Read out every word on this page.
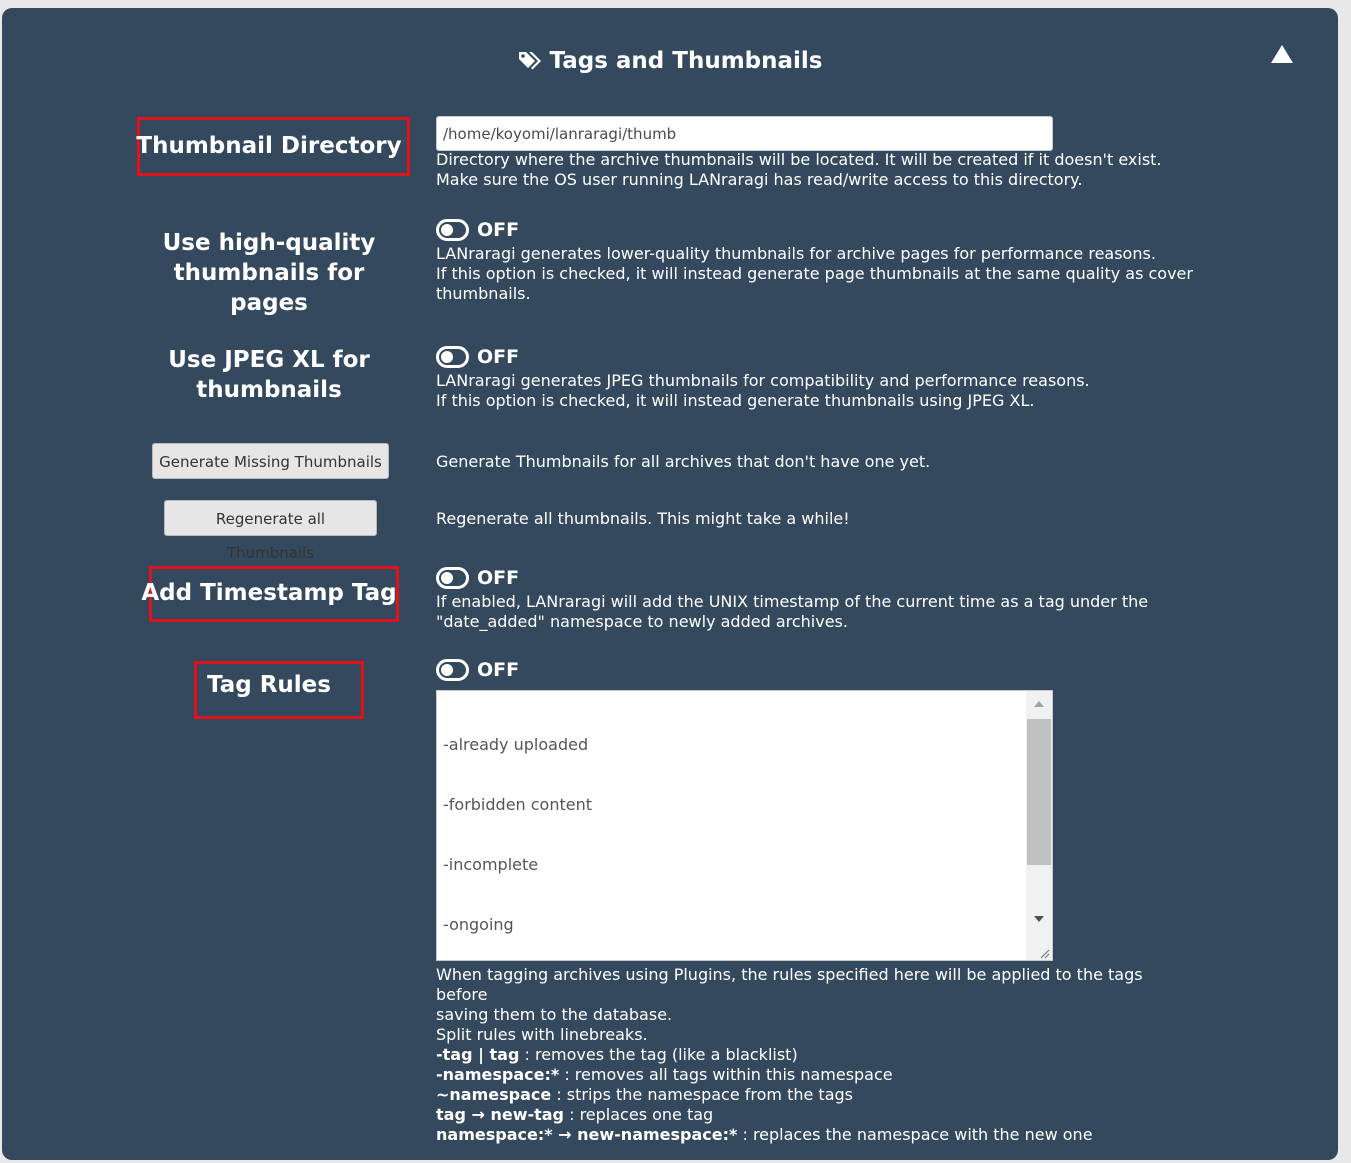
Tags and Thumbnails
Thumbnail Directory
/home/koyomi/lanraragi/thumb
Directory where the archive thumbnails will be located. It will be created if it doesn't exist.
Make sure the OS user running LANraragi has read/write access to this directory.
Use high-quality
thumbnails for pages
OFF
LANraragi generates lower-quality thumbnails for archive pages for performance reasons.
If this option is checked, it will instead generate page thumbnails at the same quality as cover
thumbnails.
Use JPEG XL for
thumbnails
OFF
LANraragi generates JPEG thumbnails for compatibility and performance reasons.
If this option is checked, it will instead generate thumbnails using JPEG XL.
Generate Missing Thumbnails	Generate Thumbnails for all archives that don't have one yet.
Regenerate all Thumbnails
Regenerate all thumbnails. This might take a while!
Add Timestamp Tag
OFF
If enabled, LANraragi will add the UNIX timestamp of the current time as a tag under the
"date_added" namespace to newly added archives.
Tag Rules
OFF

-already uploaded

-forbidden content

-incomplete

-ongoing

When tagging archives using Plugins, the rules specified here will be applied to the tags before
saving them to the database.
Split rules with linebreaks.
-tag | tag : removes the tag (like a blacklist)
-namespace:* : removes all tags within this namespace
~namespace : strips the namespace from the tags
tag → new-tag : replaces one tag
namespace:* → new-namespace:* : replaces the namespace with the new one
